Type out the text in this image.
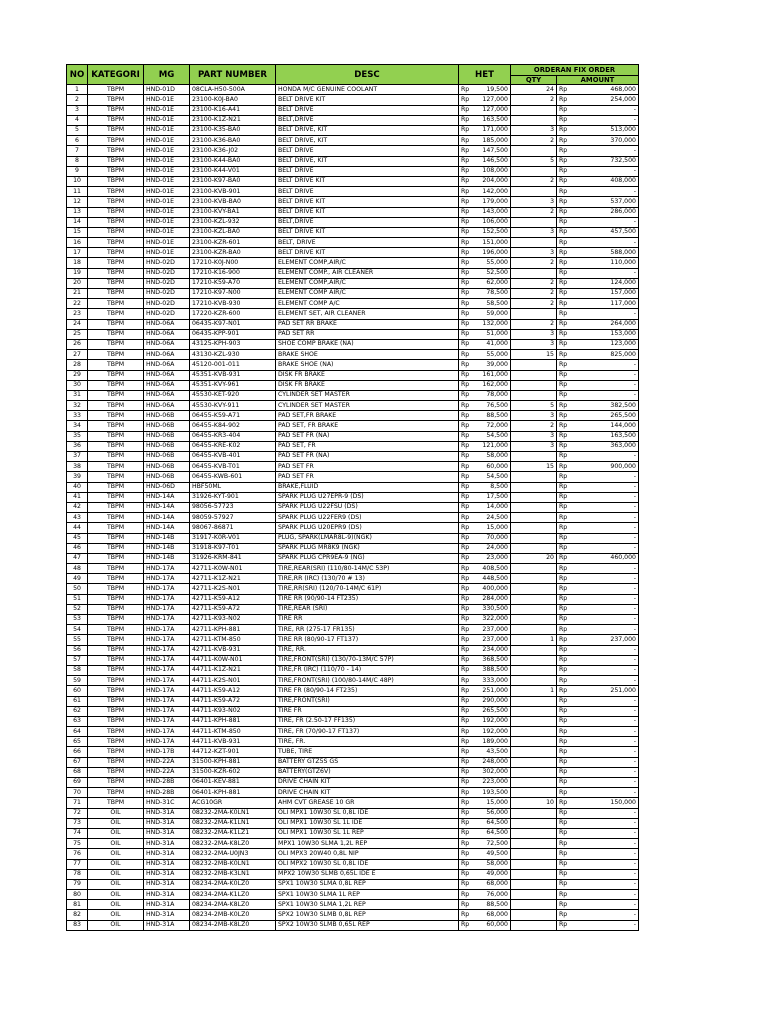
NO	KATEGORI	MG	PART NUMBER	DESC	HET		ORDERAN FIX ORDER		
							QTY	AMOUNT	
1	TBPM	HND-01D	08CLA-H50-500A	HONDA M/C GENUINE COOLANT	Rp	19,500	24	Rp	468,000
2	TBPM	HND-01E	23100-K0J-BA0	BELT DRIVE KIT	Rp	127,000	2	Rp	254,000
3	TBPM	HND-01E	23100-K16-A41	BELT DRIVE	Rp	127,000		Rp	-
4	TBPM	HND-01E	23100-K1Z-N21	BELT,DRIVE	Rp	163,500		Rp	-
5	TBPM	HND-01E	23100-K35-BA0	BELT DRIVE, KIT	Rp	171,000	3	Rp	513,000
6	TBPM	HND-01E	23100-K36-BA0	BELT DRIVE, KIT	Rp	185,000	2	Rp	370,000
7	TBPM	HND-01E	23100-K36-J02	BELT DRIVE	Rp	147,500		Rp	-
8	TBPM	HND-01E	23100-K44-BA0	BELT DRIVE, KIT	Rp	146,500	5	Rp	732,500
9	TBPM	HND-01E	23100-K44-V01	BELT DRIVE	Rp	108,000		Rp	-
10	TBPM	HND-01E	23100-K97-BA0	BELT DRIVE KIT	Rp	204,000	2	Rp	408,000
11	TBPM	HND-01E	23100-KVB-901	BELT DRIVE	Rp	142,000		Rp	-
12	TBPM	HND-01E	23100-KVB-BA0	BELT DRIVE KIT	Rp	179,000	3	Rp	537,000
13	TBPM	HND-01E	23100-KVY-BA1	BELT DRIVE KIT	Rp	143,000	2	Rp	286,000
14	TBPM	HND-01E	23100-KZL-932	BELT,DRIVE	Rp	106,000		Rp	-
15	TBPM	HND-01E	23100-KZL-BA0	BELT DRIVE KIT	Rp	152,500	3	Rp	457,500
16	TBPM	HND-01E	23100-KZR-601	BELT, DRIVE	Rp	151,000		Rp	-
17	TBPM	HND-01E	23100-KZR-BA0	BELT DRIVE KIT	Rp	196,000	3	Rp	588,000
18	TBPM	HND-02D	17210-K0J-N00	ELEMENT COMP,AIR/C	Rp	55,000	2	Rp	110,000
19	TBPM	HND-02D	17210-K16-900	ELEMENT COMP., AIR CLEANER	Rp	52,500		Rp	-
20	TBPM	HND-02D	17210-K59-A70	ELEMENT COMP,AIR/C	Rp	62,000	2	Rp	124,000
21	TBPM	HND-02D	17210-K97-N00	ELEMENT COMP AIR/C	Rp	78,500	2	Rp	157,000
22	TBPM	HND-02D	17210-KVB-930	ELEMENT COMP A/C	Rp	58,500	2	Rp	117,000
23	TBPM	HND-02D	17220-KZR-600	ELEMENT SET, AIR CLEANER	Rp	59,000		Rp	-
24	TBPM	HND-06A	06435-K97-N01	PAD SET RR BRAKE	Rp	132,000	2	Rp	264,000
25	TBPM	HND-06A	06435-KPP-901	PAD SET RR	Rp	51,000	3	Rp	153,000
26	TBPM	HND-06A	43125-KPH-903	SHOE COMP BRAKE (NA)	Rp	41,000	3	Rp	123,000
27	TBPM	HND-06A	43130-KZL-930	BRAKE SHOE	Rp	55,000	15	Rp	825,000
28	TBPM	HND-06A	45120-001-011	BRAKE SHOE (NA)	Rp	39,000		Rp	-
29	TBPM	HND-06A	45351-KVB-931	DISK FR BRAKE	Rp	161,000		Rp	-
30	TBPM	HND-06A	45351-KVY-961	DISK FR BRAKE	Rp	162,000		Rp	-
31	TBPM	HND-06A	45530-KET-920	CYLINDER SET MASTER	Rp	78,000		Rp	-
32	TBPM	HND-06A	45530-KVY-911	CYLINDER SET MASTER	Rp	76,500	5	Rp	382,500
33	TBPM	HND-06B	06455-K59-A71	PAD SET,FR BRAKE	Rp	88,500	3	Rp	265,500
34	TBPM	HND-06B	06455-K84-902	PAD SET, FR BRAKE	Rp	72,000	2	Rp	144,000
35	TBPM	HND-06B	06455-KR3-404	PAD SET FR (NA)	Rp	54,500	3	Rp	163,500
36	TBPM	HND-06B	06455-KRE-K02	PAD SET, FR	Rp	121,000	3	Rp	363,000
37	TBPM	HND-06B	06455-KVB-401	PAD SET FR (NA)	Rp	58,000		Rp	-
38	TBPM	HND-06B	06455-KVB-T01	PAD SET FR	Rp	60,000	15	Rp	900,000
39	TBPM	HND-06B	06455-KWB-601	PAD SET FR	Rp	54,500		Rp	-
40	TBPM	HND-06D	HBF50ML	BRAKE,FLUID	Rp	8,500		Rp	-
41	TBPM	HND-14A	31926-KYT-901	SPARK PLUG U27EPR-9 (DS)	Rp	17,500		Rp	-
42	TBPM	HND-14A	98056-57723	SPARK PLUG U22FSU (DS)	Rp	14,000		Rp	-
43	TBPM	HND-14A	98059-57927	SPARK PLUG U22FER9 (DS)	Rp	24,500		Rp	-
44	TBPM	HND-14A	98067-86871	SPARK PLUG U20EPR9 (DS)	Rp	15,000		Rp	-
45	TBPM	HND-14B	31917-K0R-V01	PLUG, SPARK(LMAR8L-9)(NGK)	Rp	70,000		Rp	-
46	TBPM	HND-14B	31918-K97-T01	SPARK PLUG MR8K9 (NGK)	Rp	24,000		Rp	-
47	TBPM	HND-14B	31926-KRM-841	SPARK PLUG CPR9EA-9 (NG)	Rp	23,000	20	Rp	460,000
48	TBPM	HND-17A	42711-K0W-N01	TIRE,REAR(SRI) (110/80-14M/C 53P)	Rp	408,500		Rp	-
49	TBPM	HND-17A	42711-K1Z-N21	TIRE,RR (IRC) (130/70 # 13)	Rp	448,500		Rp	-
50	TBPM	HND-17A	42711-K2S-N01	TIRE,RR(SRI) (120/70-14M/C 61P)	Rp	400,000		Rp	-
51	TBPM	HND-17A	42711-K59-A12	TIRE RR (90/90-14 FT235)	Rp	284,000		Rp	-
52	TBPM	HND-17A	42711-K59-A72	TIRE,REAR (SRI)	Rp	330,500		Rp	-
53	TBPM	HND-17A	42711-K93-N02	TIRE RR	Rp	322,000		Rp	-
54	TBPM	HND-17A	42711-KPH-881	TIRE, RR (275-17 FR135)	Rp	237,000		Rp	-
55	TBPM	HND-17A	42711-KTM-850	TIRE RR (80/90-17 FT137)	Rp	237,000	1	Rp	237,000
56	TBPM	HND-17A	42711-KVB-931	TIRE, RR.	Rp	234,000		Rp	-
57	TBPM	HND-17A	44711-K0W-N01	TIRE,FRONT(SRI) (130/70-13M/C 57P)	Rp	368,500		Rp	-
58	TBPM	HND-17A	44711-K1Z-N21	TIRE,FR (IRC) (110/70 - 14)	Rp	388,500		Rp	-
59	TBPM	HND-17A	44711-K2S-N01	TIRE,FRONT(SRI) (100/80-14M/C 48P)	Rp	333,000		Rp	-
60	TBPM	HND-17A	44711-K59-A12	TIRE FR (80/90-14 FT235)	Rp	251,000	1	Rp	251,000
61	TBPM	HND-17A	44711-K59-A72	TIRE,FRONT(SRI)	Rp	290,000		Rp	-
62	TBPM	HND-17A	44711-K93-N02	TIRE FR	Rp	265,500		Rp	-
63	TBPM	HND-17A	44711-KPH-881	TIRE, FR (2.50-17 FF135)	Rp	192,000		Rp	-
64	TBPM	HND-17A	44711-KTM-850	TIRE, FR (70/90-17 FT137)	Rp	192,000		Rp	-
65	TBPM	HND-17A	44711-KVB-931	TIRE, FR.	Rp	189,000		Rp	-
66	TBPM	HND-17B	44712-KZT-901	TUBE, TIRE	Rp	43,500		Rp	-
67	TBPM	HND-22A	31500-KPH-881	BATTERY GTZ5S GS	Rp	248,000		Rp	-
68	TBPM	HND-22A	31500-KZR-602	BATTERY(GTZ6V)	Rp	302,000		Rp	-
69	TBPM	HND-28B	06401-KEV-881	DRIVE CHAIN KIT	Rp	223,000		Rp	-
70	TBPM	HND-28B	06401-KPH-881	DRIVE CHAIN KIT	Rp	193,500		Rp	-
71	TBPM	HND-31C	ACG10GR	AHM CVT GREASE 10 GR	Rp	15,000	10	Rp	150,000
72	OIL	HND-31A	08232-2MA-K0LN1	OLI MPX1 10W30 SL 0,8L IDE	Rp	56,000		Rp	-
73	OIL	HND-31A	08232-2MA-K1LN1	OLI MPX1 10W30 SL 1L IDE	Rp	64,500		Rp	-
74	OIL	HND-31A	08232-2MA-K1LZ1	OLI MPX1 10W30 SL 1L REP	Rp	64,500		Rp	-
75	OIL	HND-31A	08232-2MA-K8LZ0	MPX1 10W30 SLMA 1,2L REP	Rp	72,500		Rp	-
76	OIL	HND-31A	08232-2MA-U0JN3	OLI MPX3 20W40 0,8L NIP	Rp	49,500		Rp	-
77	OIL	HND-31A	08232-2MB-K0LN1	OLI MPX2 10W30 SL 0,8L IDE	Rp	58,000		Rp	-
78	OIL	HND-31A	08232-2MB-K3LN1	MPX2 10W30 SLMB 0,65L IDE E	Rp	49,000		Rp	-
79	OIL	HND-31A	08234-2MA-K0LZ0	SPX1 10W30 SLMA 0,8L REP	Rp	68,000		Rp	-
80	OIL	HND-31A	08234-2MA-K1LZ0	SPX1 10W30 SLMA 1L REP	Rp	76,000		Rp	-
81	OIL	HND-31A	08234-2MA-K8LZ0	SPX1 10W30 SLMA 1,2L REP	Rp	88,500		Rp	-
82	OIL	HND-31A	08234-2MB-K0LZ0	SPX2 10W30 SLMB 0,8L REP	Rp	68,000		Rp	-
83	OIL	HND-31A	08234-2MB-K8LZ0	SPX2 10W30 SLMB 0,65L REP	Rp	60,000		Rp	-
